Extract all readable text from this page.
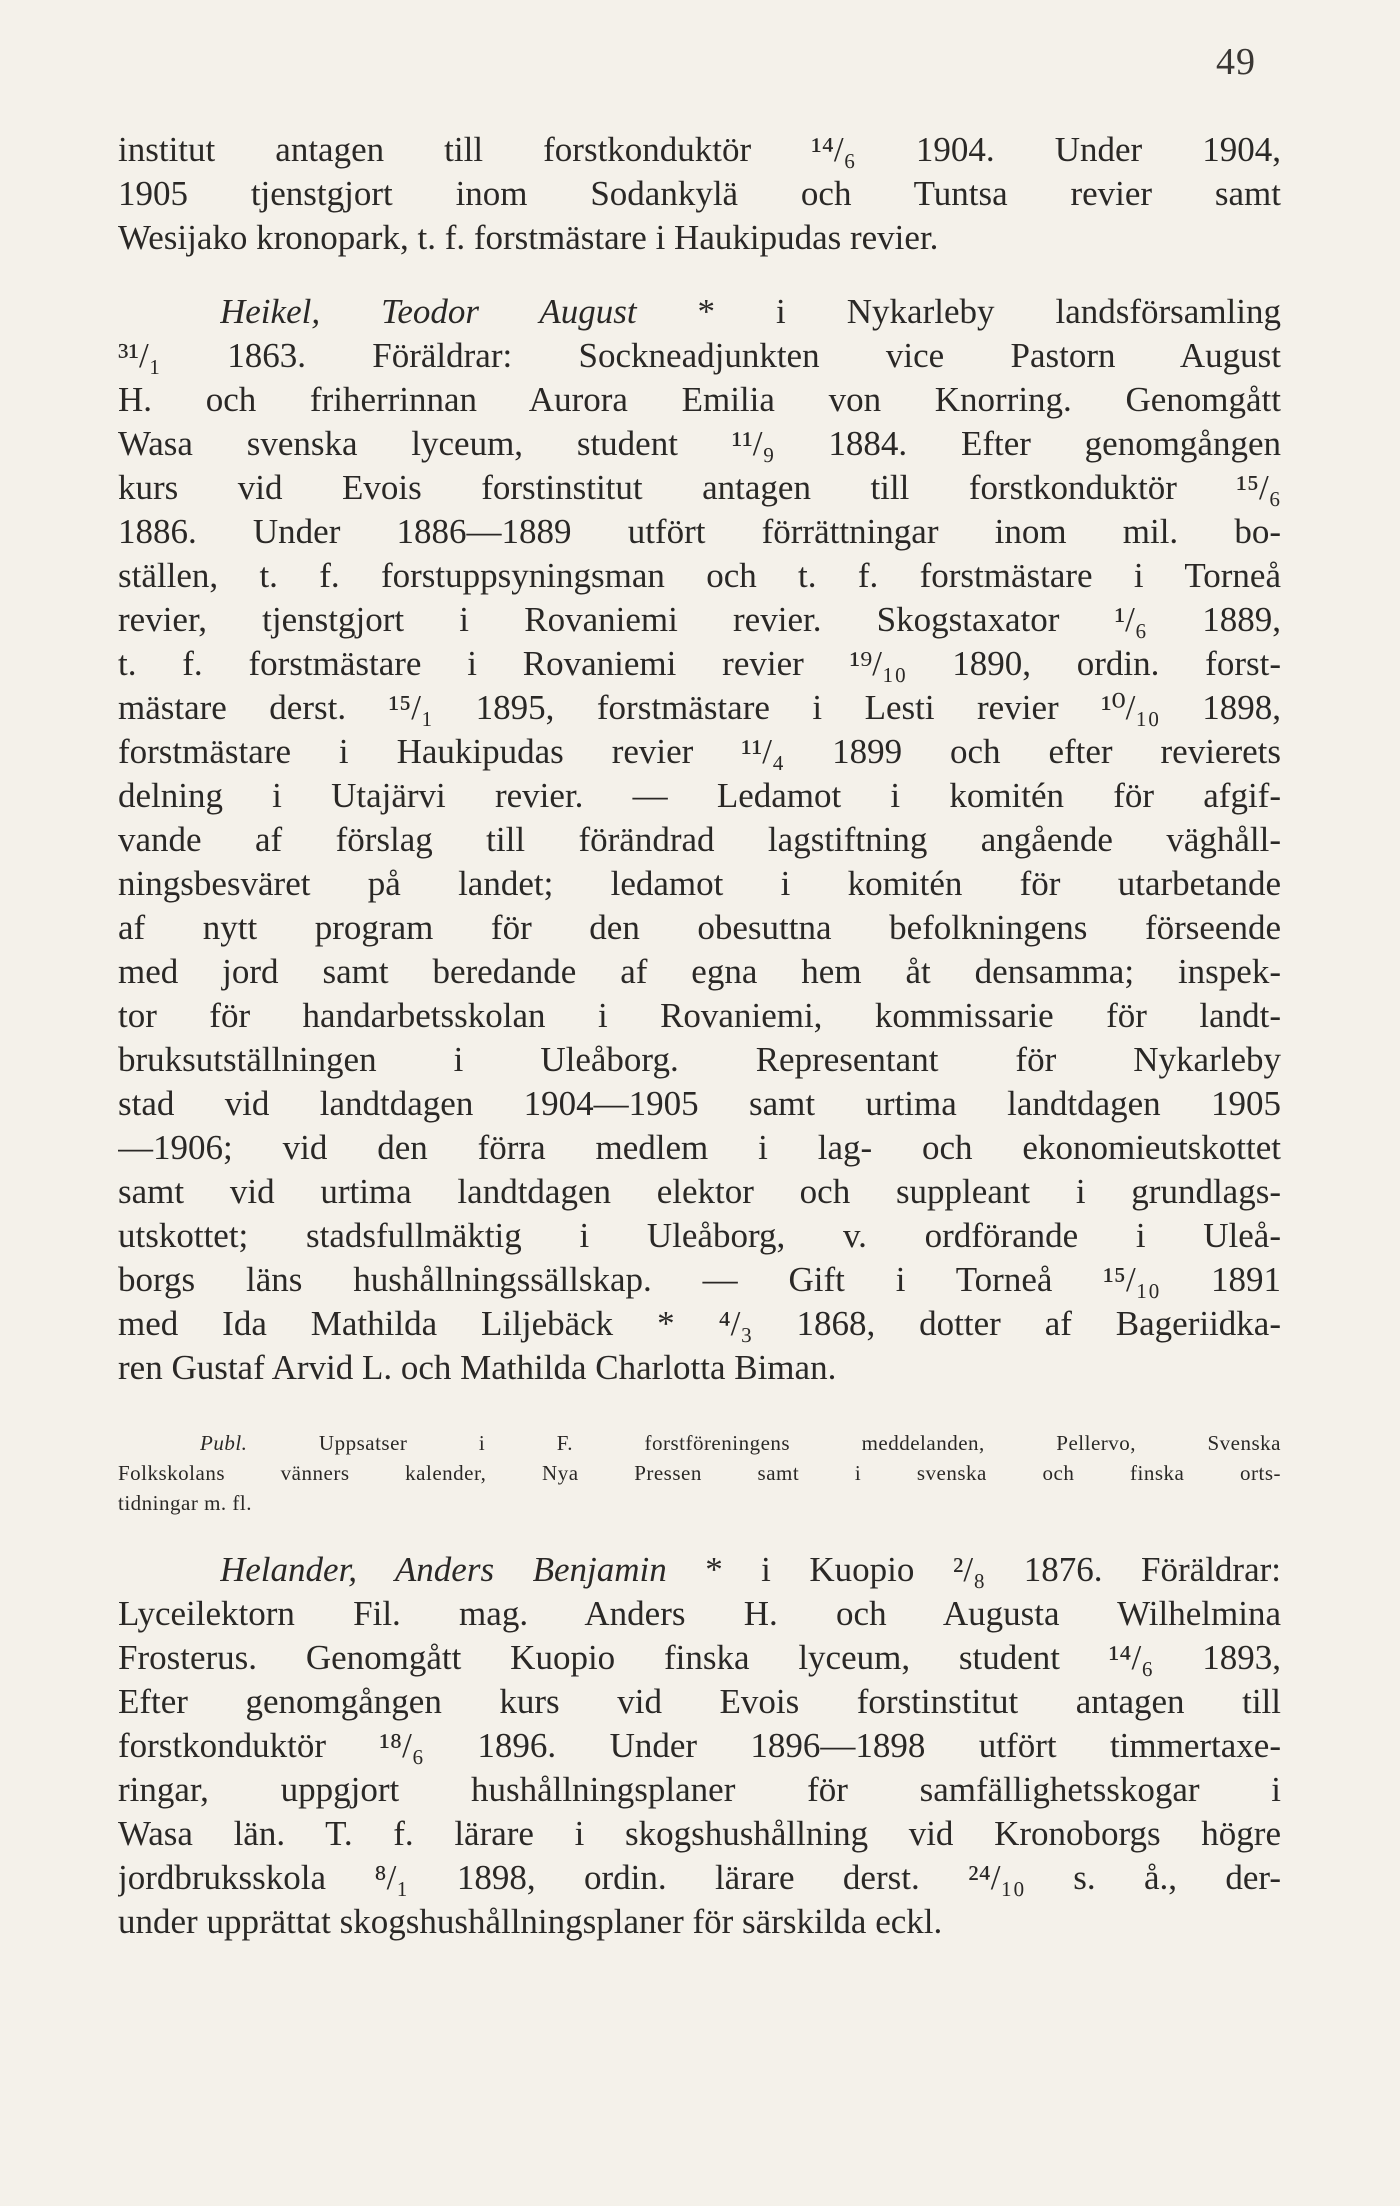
49
institut antagen till forstkonduktör ¹⁴/₆ 1904. Under 1904,
1905 tjenstgjort inom Sodankylä och Tuntsa revier samt
Wesijako kronopark, t. f. forstmästare i Haukipudas revier.
Heikel, Teodor August * i Nykarleby landsförsamling
³¹/₁ 1863. Föräldrar: Sockneadjunkten vice Pastorn August
H. och friherrinnan Aurora Emilia von Knorring. Genomgått
Wasa svenska lyceum, student ¹¹/₉ 1884. Efter genomgången
kurs vid Evois forstinstitut antagen till forstkonduktör ¹⁵/₆
1886. Under 1886—1889 utfört förrättningar inom mil. bo-
ställen, t. f. forstuppsyningsman och t. f. forstmästare i Torneå
revier, tjenstgjort i Rovaniemi revier. Skogstaxator ¹/₆ 1889,
t. f. forstmästare i Rovaniemi revier ¹⁹/₁₀ 1890, ordin. forst-
mästare derst. ¹⁵/₁ 1895, forstmästare i Lesti revier ¹⁰/₁₀ 1898,
forstmästare i Haukipudas revier ¹¹/₄ 1899 och efter revierets
delning i Utajärvi revier. — Ledamot i komitén för afgif-
vande af förslag till förändrad lagstiftning angående väghåll-
ningsbesväret på landet; ledamot i komitén för utarbetande
af nytt program för den obesuttna befolkningens förseende
med jord samt beredande af egna hem åt densamma; inspek-
tor för handarbetsskolan i Rovaniemi, kommissarie för landt-
bruksutställningen i Uleåborg. Representant för Nykarleby
stad vid landtdagen 1904—1905 samt urtima landtdagen 1905
—1906; vid den förra medlem i lag- och ekonomieutskottet
samt vid urtima landtdagen elektor och suppleant i grundlags-
utskottet; stadsfullmäktig i Uleåborg, v. ordförande i Uleå-
borgs läns hushållningssällskap. — Gift i Torneå ¹⁵/₁₀ 1891
med Ida Mathilda Liljebäck * ⁴/₃ 1868, dotter af Bageriidka-
ren Gustaf Arvid L. och Mathilda Charlotta Biman.
Publ. Uppsatser i F. forstföreningens meddelanden, Pellervo, Svenska
Folkskolans vänners kalender, Nya Pressen samt i svenska och finska orts-
tidningar m. fl.
Helander, Anders Benjamin * i Kuopio ²/₈ 1876. Föräldrar:
Lyceilektorn Fil. mag. Anders H. och Augusta Wilhelmina
Frosterus. Genomgått Kuopio finska lyceum, student ¹⁴/₆ 1893,
Efter genomgången kurs vid Evois forstinstitut antagen till
forstkonduktör ¹⁸/₆ 1896. Under 1896—1898 utfört timmertaxe-
ringar, uppgjort hushållningsplaner för samfällighetsskogar i
Wasa län. T. f. lärare i skogshushållning vid Kronoborgs högre
jordbruksskola ⁸/₁ 1898, ordin. lärare derst. ²⁴/₁₀ s. å., der-
under upprättat skogshushållningsplaner för särskilda eckl.
